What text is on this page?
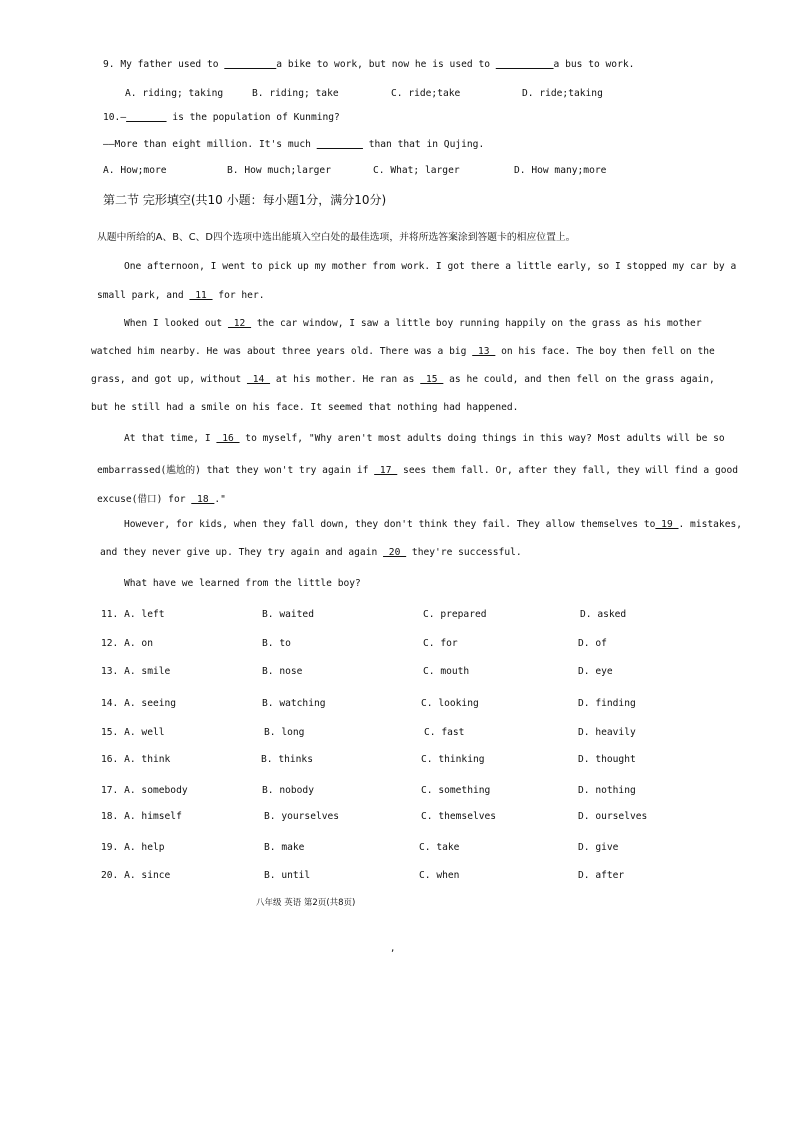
9. My father used to	a bike to work, but now he is used to	a bus to work.
A. riding; taking	B. riding; take	C. ride;take	D. ride;taking
10.—	is the population of Kunming?
——More than eight million. It's much	than that in Qujing.
A. How;more	B. How much;larger	C. What; larger	D. How many;more
第二节 完形填空(共10 小题：每小题1分，满分10分)
从题中所给的A、B、C、D四个选项中选出能填入空白处的最佳选项，并将所选答案涂到答题卡的相应位置上。
One afternoon, I went to pick up my mother from work. I got there a little early, so I stopped my car by a
small park, and  11  for her.
When I looked out  12  the car window, I saw a little boy running happily on the grass as his mother
watched him nearby. He was about three years old. There was a big  13  on his face. The boy then fell on the
grass, and got up, without  14  at his mother. He ran as  15  as he could, and then fell on the grass again,
but he still had a smile on his face. It seemed that nothing had happened.
At that time, I  16  to myself, "Why aren't most adults doing things in this way? Most adults will be so
embarrassed(尴尬的) that they won't try again if  17  sees them fall. Or, after they fall, they will find a good
excuse(借口) for  18 ."
However, for kids, when they fall down, they don't think they fail. They allow themselves to 19 . mistakes,
and they never give up. They try again and again  20  they're successful.
What have we learned from the little boy?
11. A. left	B. waited	C. prepared	D. asked
12. A. on	B. to	C. for	D. of
13. A. smile	B. nose	C. mouth	D. eye
14. A. seeing	B. watching	C. looking	D. finding
15. A. well	B. long	C. fast	D. heavily
16. A. think	B. thinks	C. thinking	D. thought
17. A. somebody	B. nobody	C. something	D. nothing
18. A. himself	B. yourselves	C. themselves	D. ourselves
19. A. help	B. make	C. take	D. give
20. A. since	B. until	C. when	D. after
八年级 英语 第2页(共8页)
,
